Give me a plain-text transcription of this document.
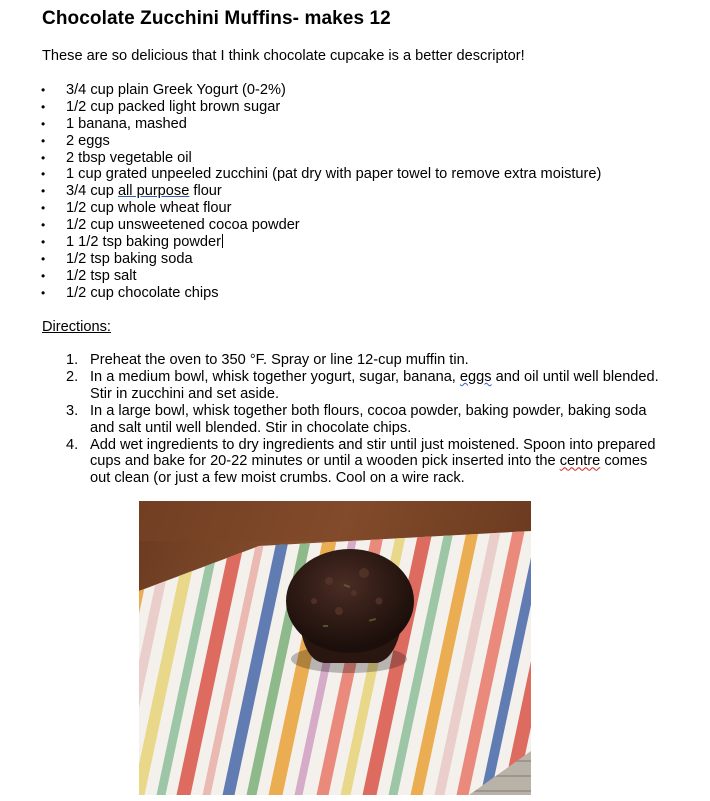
Chocolate Zucchini Muffins- makes 12
These are so delicious that I think chocolate cupcake is a better descriptor!
• 3/4 cup plain Greek Yogurt (0-2%)
• 1/2 cup packed light brown sugar
• 1 banana, mashed
• 2 eggs
• 2 tbsp vegetable oil
• 1 cup grated unpeeled zucchini (pat dry with paper towel to remove extra moisture)
• 3/4 cup all purpose flour
• 1/2 cup whole wheat flour
• 1/2 cup unsweetened cocoa powder
• 1 1/2 tsp baking powder
• 1/2 tsp baking soda
• 1/2 tsp salt
• 1/2 cup chocolate chips
Directions:
1. Preheat the oven to 350 °F. Spray or line 12-cup muffin tin.
2. In a medium bowl, whisk together yogurt, sugar, banana, eggs and oil until well blended.
Stir in zucchini and set aside.
3. In a large bowl, whisk together both flours, cocoa powder, baking powder, baking soda
and salt until well blended. Stir in chocolate chips.
4. Add wet ingredients to dry ingredients and stir until just moistened. Spoon into prepared
cups and bake for 20-22 minutes or until a wooden pick inserted into the centre comes
out clean (or just a few moist crumbs. Cool on a wire rack.
